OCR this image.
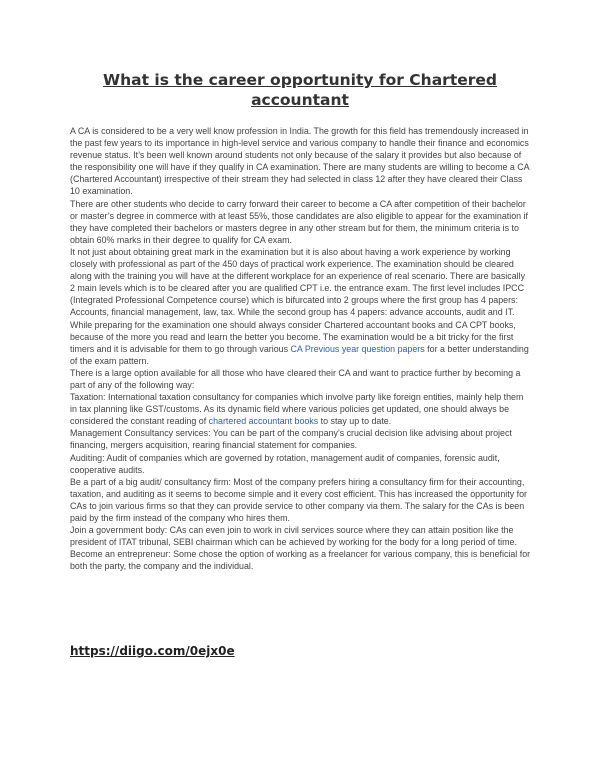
What is the career opportunity for Chartered accountant

A CA is considered to be a very well know profession in India. The growth for this field has tremendously increased in the past few years to its importance in high-level service and various company to handle their finance and economics revenue status. It’s been well known around students not only because of the salary it provides but also because of the responsibility one will have if they qualify in CA examination. There are many students are willing to become a CA (Chartered Accountant) irrespective of their stream they had selected in class 12 after they have cleared their Class 10 examination.

There are other students who decide to carry forward their career to become a CA after competition of their bachelor or master’s degree in commerce with at least 55%, those candidates are also eligible to appear for the examination if they have completed their bachelors or masters degree in any other stream but for them, the minimum criteria is to obtain 60% marks in their degree to qualify for CA exam.

It not just about obtaining great mark in the examination but it is also about having a work experience by working closely with professional as part of the 450 days of practical work experience. The examination should be cleared along with the training you will have at the different workplace for an experience of real scenario. There are basically 2 main levels which is to be cleared after you are qualified CPT i.e. the entrance exam. The first level includes IPCC (Integrated Professional Competence course) which is bifurcated into 2 groups where the first group has 4 papers: Accounts, financial management, law, tax. While the second group has 4 papers: advance accounts, audit and IT.

While preparing for the examination one should always consider Chartered accountant books and CA CPT books, because of the more you read and learn the better you become. The examination would be a bit tricky for the first timers and it is advisable for them to go through various CA Previous year question papers for a better understanding of the exam pattern.

There is a large option available for all those who have cleared their CA and want to practice further by becoming a part of any of the following way:

Taxation: International taxation consultancy for companies which involve party like foreign entities, mainly help them in tax planning like GST/customs. As its dynamic field where various policies get updated, one should always be considered the constant reading of chartered accountant books to stay up to date.

Management Consultancy services: You can be part of the company’s crucial decision like advising about project financing, mergers acquisition, rearing financial statement for companies.

Auditing: Audit of companies which are governed by rotation, management audit of companies, forensic audit, cooperative audits.

Be a part of a big audit/ consultancy firm: Most of the company prefers hiring a consultancy firm for their accounting, taxation, and auditing as it seems to become simple and it every cost efficient. This has increased the opportunity for CAs to join various firms so that they can provide service to other company via them. The salary for the CAs is been paid by the firm instead of the company who hires them.

Join a government body: CAs can even join to work in civil services source where they can attain position like the president of ITAT tribunal, SEBI chairman which can be achieved by working for the body for a long period of time.

Become an entrepreneur: Some chose the option of working as a freelancer for various company, this is beneficial for both the party, the company and the individual.

https://diigo.com/0ejx0e
